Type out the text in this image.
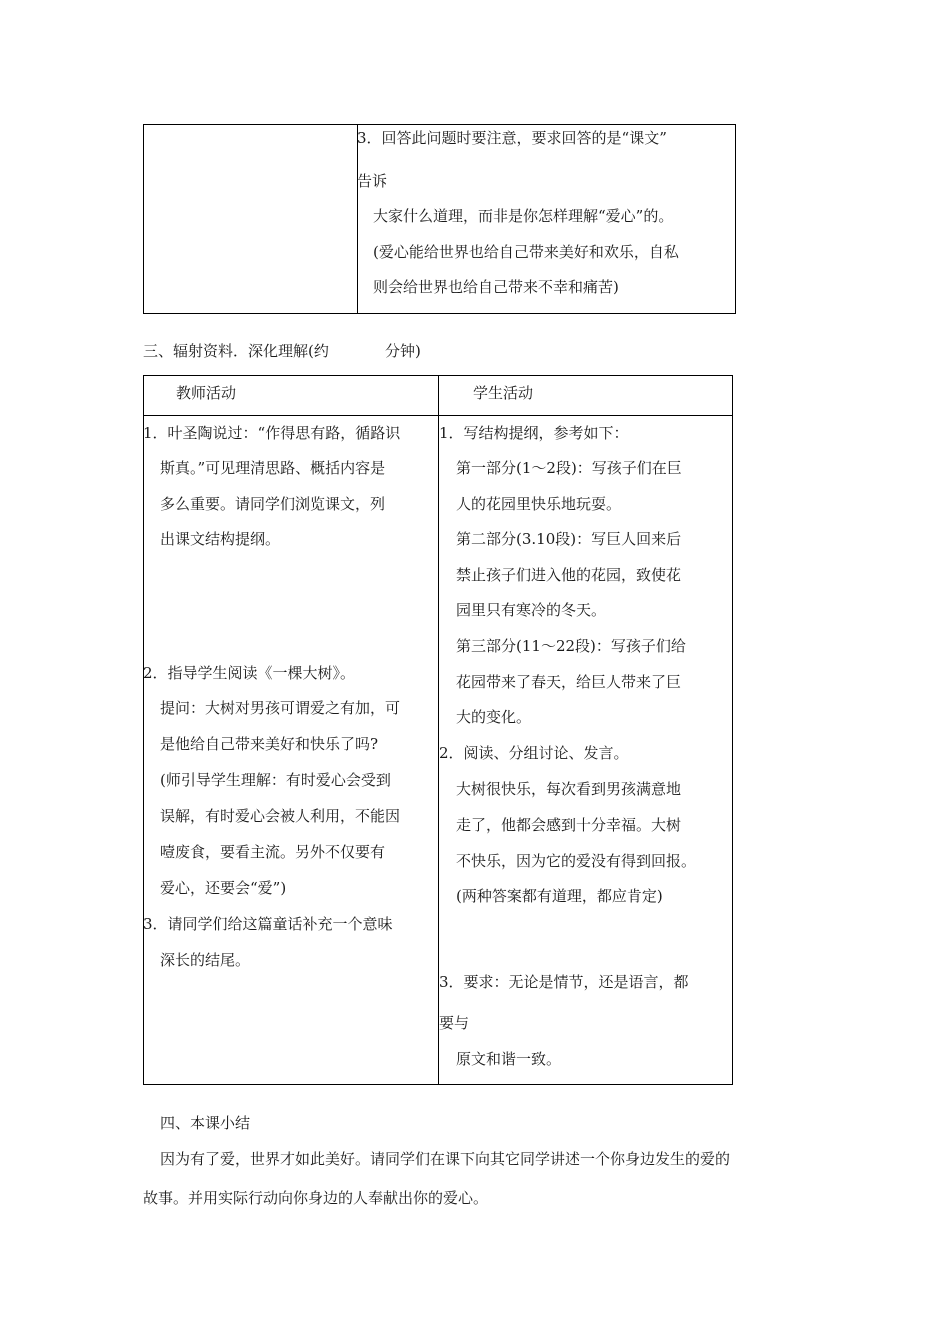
3．回答此问题时要注意，要求回答的是“课文”
告诉
大家什么道理，而非是你怎样理解“爱心”的。
(爱心能给世界也给自己带来美好和欢乐，自私
则会给世界也给自己带来不幸和痛苦)
三、辐射资料．深化理解(约	分钟)
教师活动	学生活动
1．叶圣陶说过：“作得思有路，循路识
斯真。”可见理清思路、概括内容是
多么重要。请同学们浏览课文，列
出课文结构提纲。
2．指导学生阅读《一棵大树》。
提问：大树对男孩可谓爱之有加，可
是他给自己带来美好和快乐了吗?
(师引导学生理解：有时爱心会受到
误解，有时爱心会被人利用，不能因
噎废食，要看主流。另外不仅要有
爱心，还要会“爱”)
3．请同学们给这篇童话补充一个意味
深长的结尾。
1．写结构提纲，参考如下：
第一部分(1～2段)：写孩子们在巨
人的花园里快乐地玩耍。
第二部分(3.10段)：写巨人回来后
禁止孩子们进入他的花园，致使花
园里只有寒冷的冬天。
第三部分(11～22段)：写孩子们给
花园带来了春天，给巨人带来了巨
大的变化。
2．阅读、分组讨论、发言。
大树很快乐，每次看到男孩满意地
走了，他都会感到十分幸福。大树
不快乐，因为它的爱没有得到回报。
(两种答案都有道理，都应肯定)
3．要求：无论是情节，还是语言，都
要与
原文和谐一致。
四、本课小结
因为有了爱，世界才如此美好。请同学们在课下向其它同学讲述一个你身边发生的爱的
故事。并用实际行动向你身边的人奉献出你的爱心。
